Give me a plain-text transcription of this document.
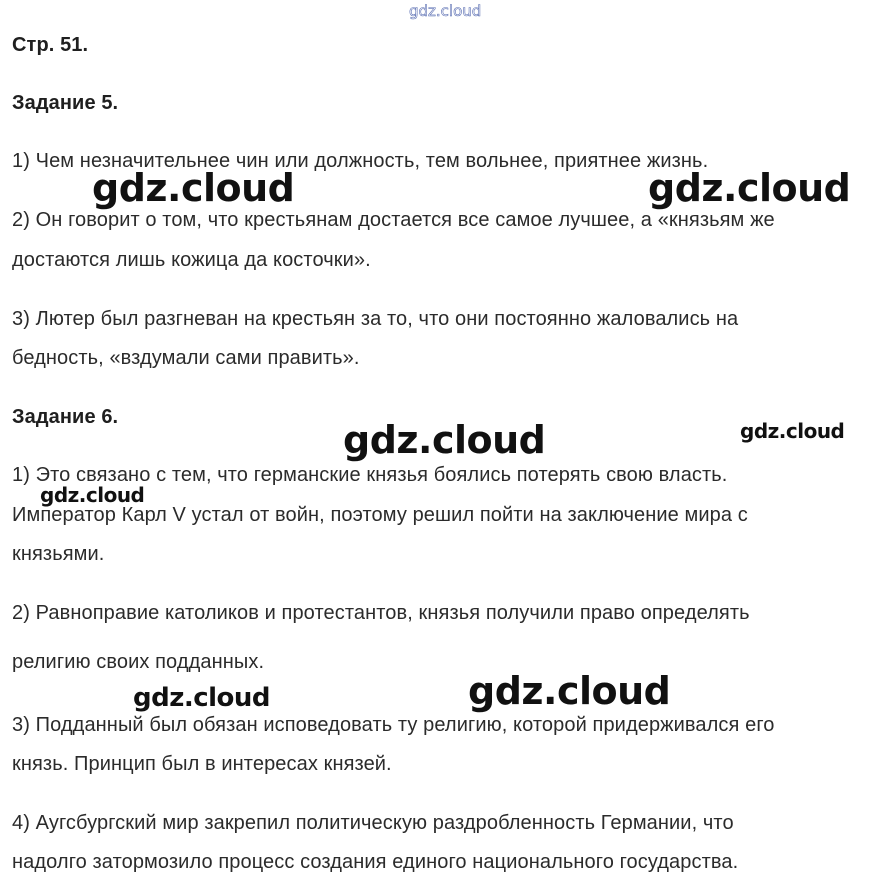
gdz.cloud
Стр. 51.
Задание 5.
1) Чем незначительнее чин или должность, тем вольнее, приятнее жизнь.
2) Он говорит о том, что крестьянам достается все самое лучшее, а «князьям же
достаются лишь кожица да косточки».
3) Лютер был разгневан на крестьян за то, что они постоянно жаловались на
бедность, «вздумали сами править».
Задание 6.
1) Это связано с тем, что германские князья боялись потерять свою власть.
Император Карл V устал от войн, поэтому решил пойти на заключение мира с
князьями.
2) Равноправие католиков и протестантов, князья получили право определять
религию своих подданных.
3) Подданный был обязан исповедовать ту религию, которой придерживался его
князь. Принцип был в интересах князей.
4) Аугсбургский мир закрепил политическую раздробленность Германии, что
надолго затормозило процесс создания единого национального государства.
gdz.cloud	gdz.cloud
gdz.cloud	gdz.cloud
gdz.cloud
gdz.cloud
gdz.cloud
